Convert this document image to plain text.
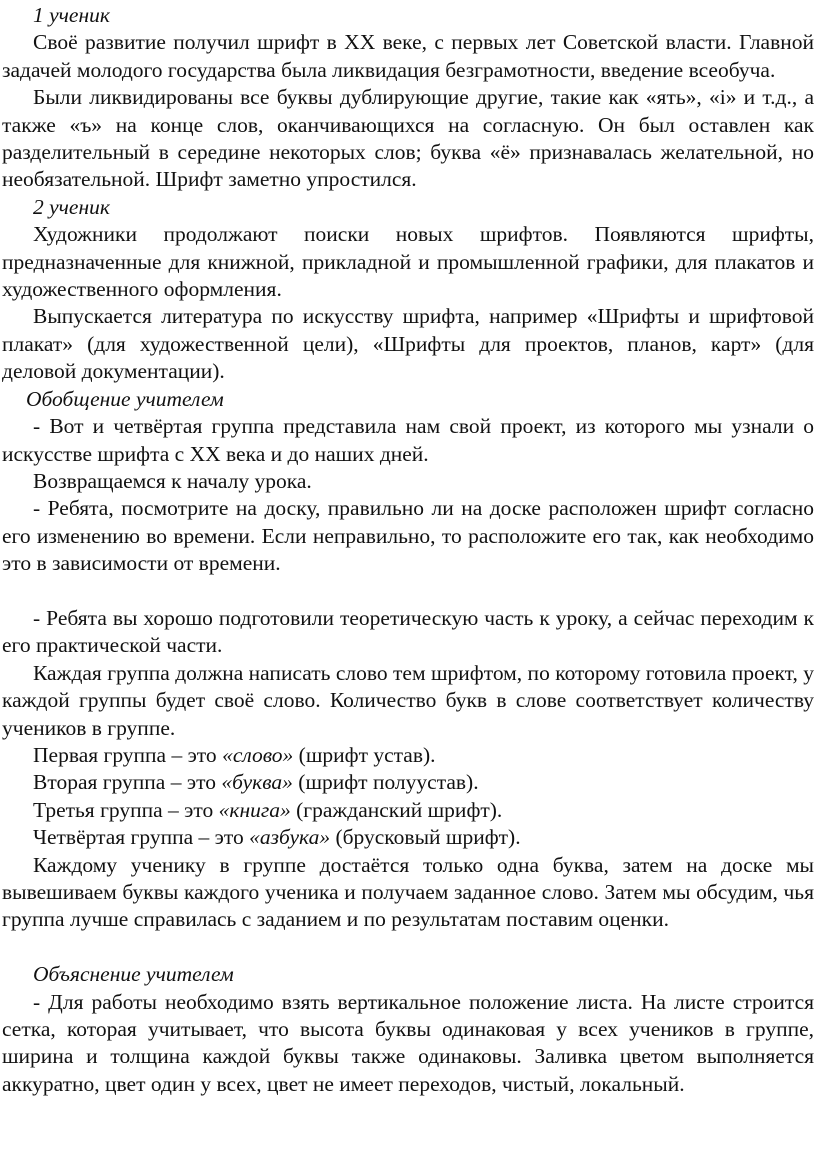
1 ученик

Своё развитие получил шрифт в XX веке, с первых лет Советской власти. Главной задачей молодого государства была ликвидация безграмотности, введение всеобуча.

Были ликвидированы все буквы дублирующие другие, такие как «ять», «і» и т.д., а также «ъ» на конце слов, оканчивающихся на согласную. Он был оставлен как разделительный в середине некоторых слов; буква «ё» признавалась желательной, но необязательной. Шрифт заметно упростился.

2 ученик

Художники продолжают поиски новых шрифтов. Появляются шрифты, предназначенные для книжной, прикладной и промышленной графики, для плакатов и художественного оформления.

Выпускается литература по искусству шрифта, например «Шрифты и шрифтовой плакат» (для художественной цели), «Шрифты для проектов, планов, карт» (для деловой документации).

Обобщение учителем

- Вот и четвёртая группа представила нам свой проект, из которого мы узнали о искусстве шрифта с XX века и до наших дней.

Возвращаемся к началу урока.

- Ребята, посмотрите на доску, правильно ли на доске расположен шрифт согласно его изменению во времени. Если неправильно, то расположите его так, как необходимо это в зависимости от времени.

- Ребята вы хорошо подготовили теоретическую часть к уроку, а сейчас переходим к его практической части.

Каждая группа должна написать слово тем шрифтом, по которому готовила проект, у каждой группы будет своё слово. Количество букв в слове соответствует количеству учеников в группе.

Первая группа – это «слово» (шрифт устав).

Вторая группа – это «буква» (шрифт полуустав).

Третья группа – это «книга» (гражданский шрифт).

Четвёртая группа – это «азбука» (брусковый шрифт).

Каждому ученику в группе достаётся только одна буква, затем на доске мы вывешиваем буквы каждого ученика и получаем заданное слово. Затем мы обсудим, чья группа лучше справилась с заданием и по результатам поставим оценки.

Объяснение учителем

- Для работы необходимо взять вертикальное положение листа. На листе строится сетка, которая учитывает, что высота буквы одинаковая у всех учеников в группе, ширина и толщина каждой буквы также одинаковы. Заливка цветом выполняется аккуратно, цвет один у всех, цвет не имеет переходов, чистый, локальный.
